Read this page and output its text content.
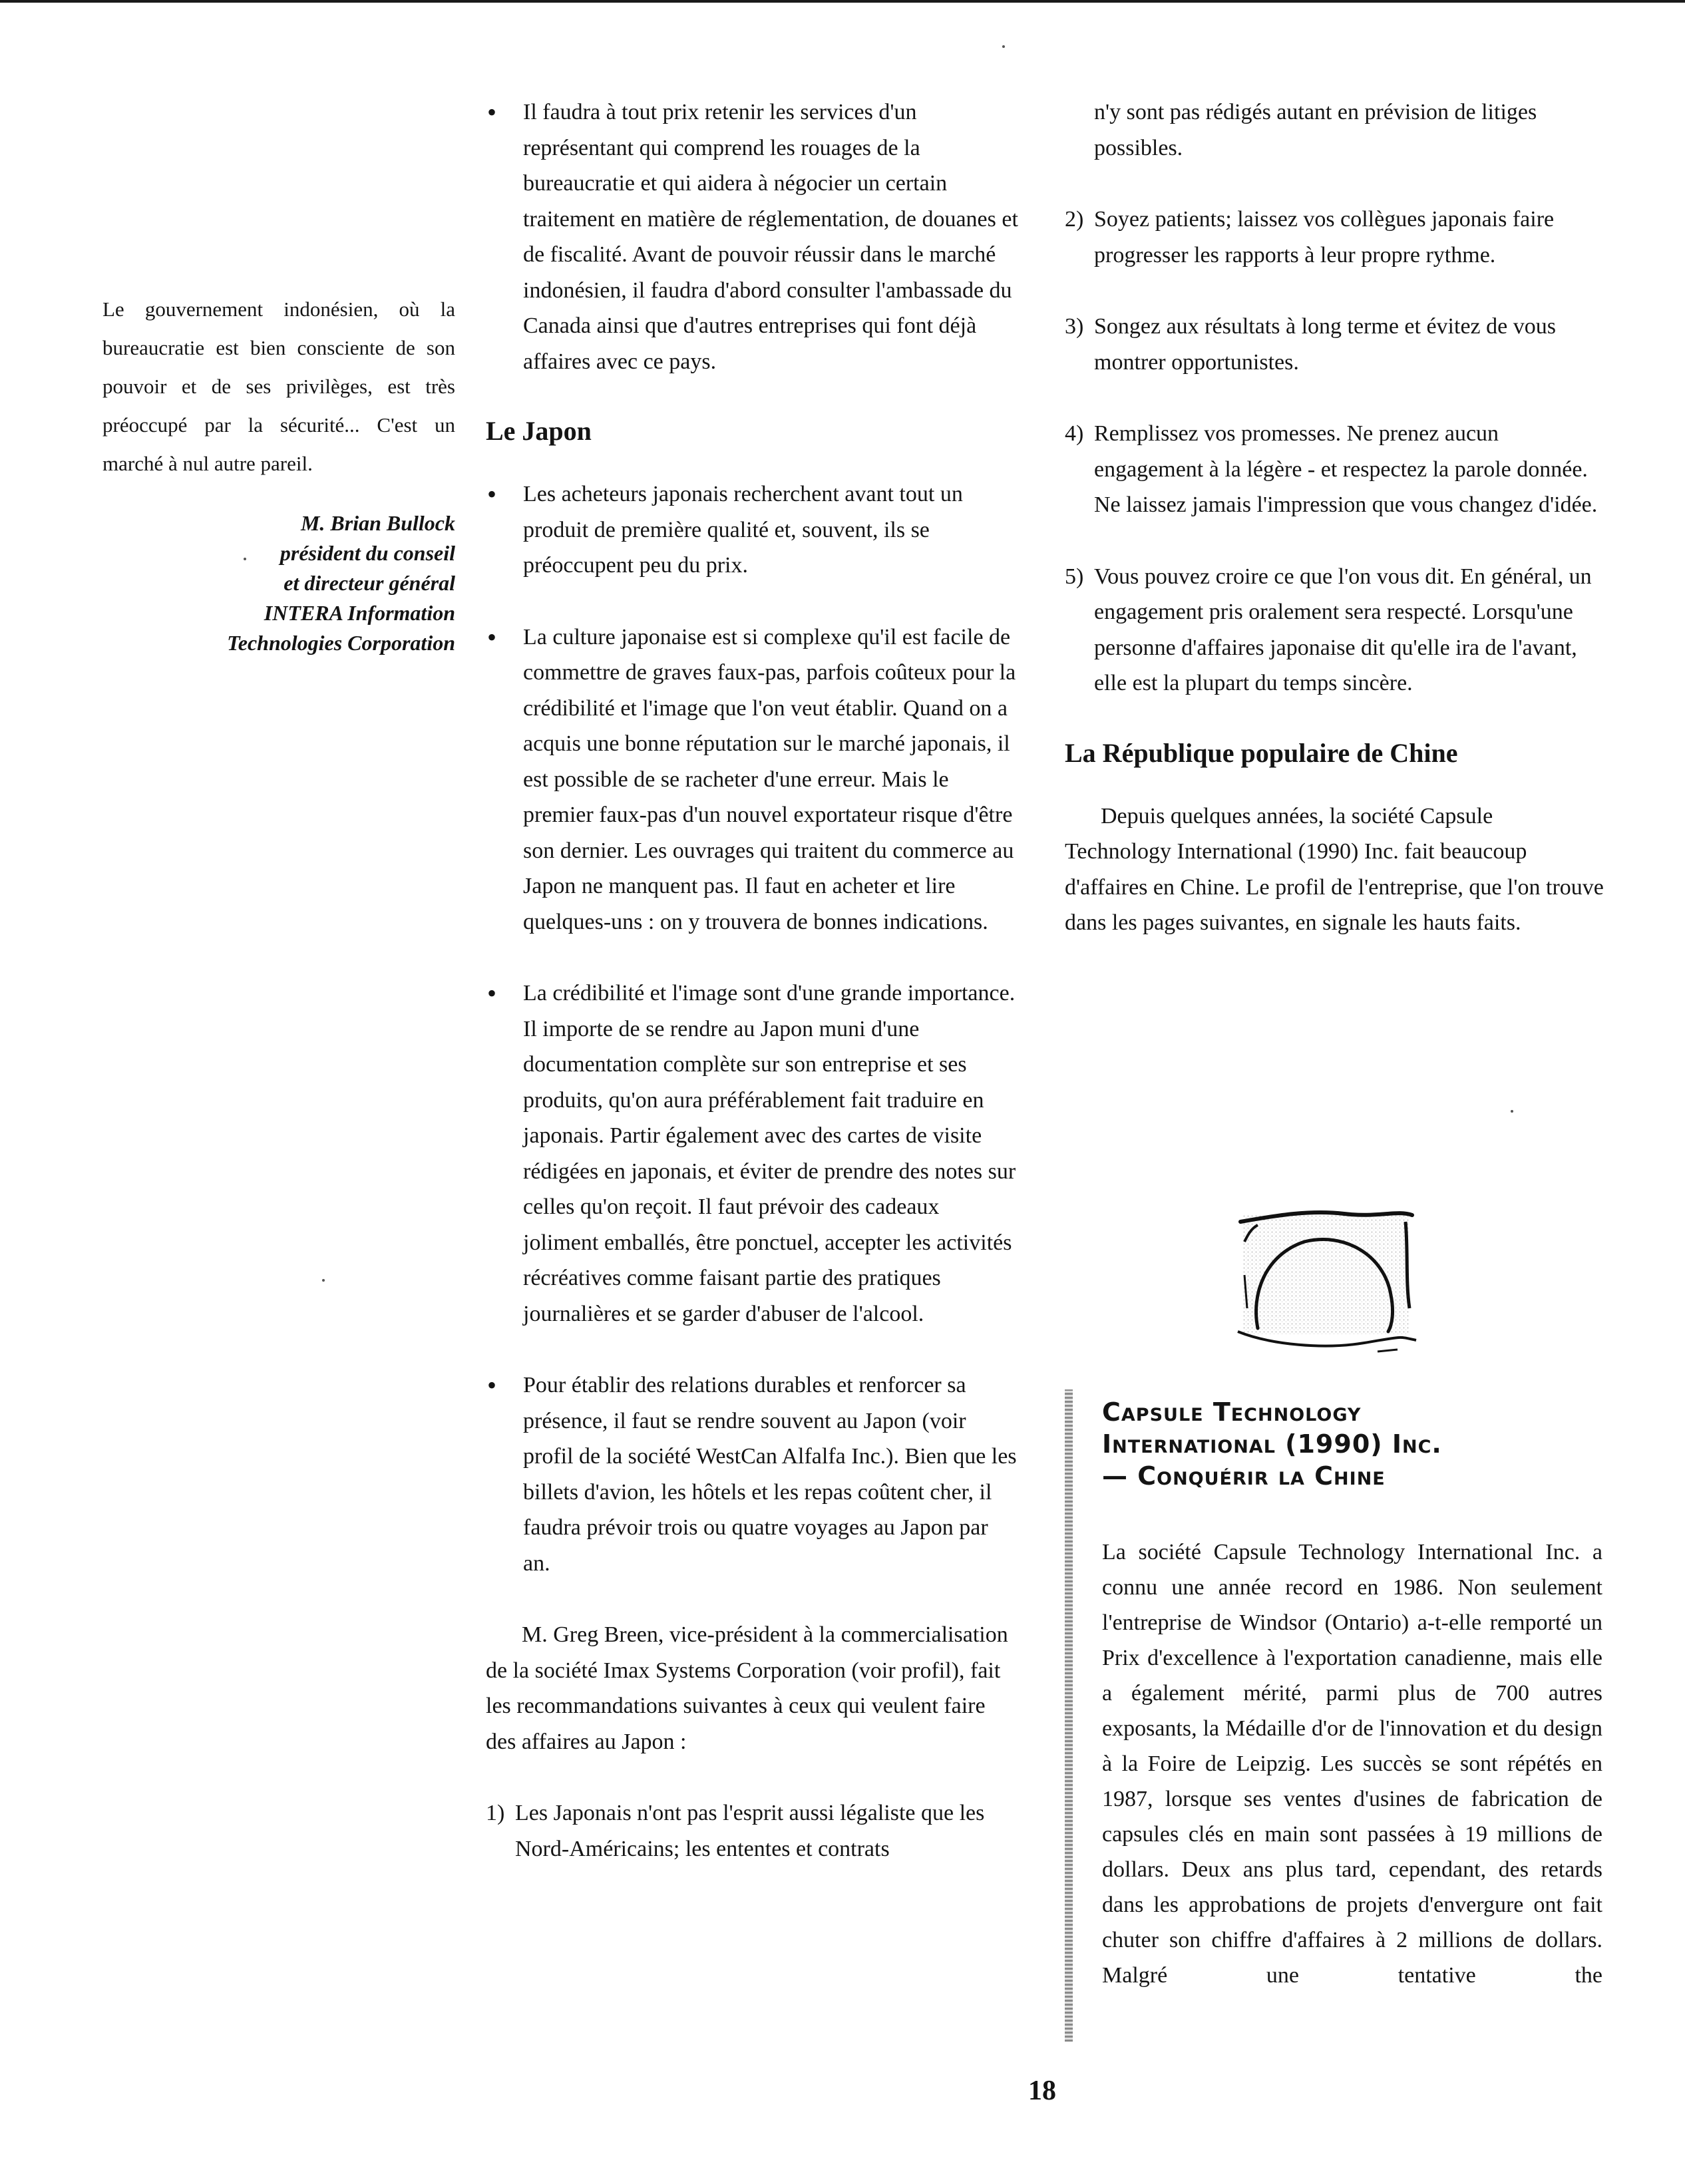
Le gouvernement indonésien, où la bureaucratie est bien consciente de son pouvoir et de ses privilèges, est très préoccupé par la sécurité... C'est un marché à nul autre pareil.

M. Brian Bullock
président du conseil
et directeur général
INTERA Information
Technologies Corporation
• Il faudra à tout prix retenir les services d'un représentant qui comprend les rouages de la bureaucratie et qui aidera à négocier un certain traitement en matière de réglementation, de douanes et de fiscalité. Avant de pouvoir réussir dans le marché indonésien, il faudra d'abord consulter l'ambassade du Canada ainsi que d'autres entreprises qui font déjà affaires avec ce pays.
Le Japon
• Les acheteurs japonais recherchent avant tout un produit de première qualité et, souvent, ils se préoccupent peu du prix.
• La culture japonaise est si complexe qu'il est facile de commettre de graves faux-pas, parfois coûteux pour la crédibilité et l'image que l'on veut établir. Quand on a acquis une bonne réputation sur le marché japonais, il est possible de se racheter d'une erreur. Mais le premier faux-pas d'un nouvel exportateur risque d'être son dernier. Les ouvrages qui traitent du commerce au Japon ne manquent pas. Il faut en acheter et lire quelques-uns : on y trouvera de bonnes indications.
• La crédibilité et l'image sont d'une grande importance. Il importe de se rendre au Japon muni d'une documentation complète sur son entreprise et ses produits, qu'on aura préférablement fait traduire en japonais. Partir également avec des cartes de visite rédigées en japonais, et éviter de prendre des notes sur celles qu'on reçoit. Il faut prévoir des cadeaux joliment emballés, être ponctuel, accepter les activités récréatives comme faisant partie des pratiques journalières et se garder d'abuser de l'alcool.
• Pour établir des relations durables et renforcer sa présence, il faut se rendre souvent au Japon (voir profil de la société WestCan Alfalfa Inc.). Bien que les billets d'avion, les hôtels et les repas coûtent cher, il faudra prévoir trois ou quatre voyages au Japon par an.

M. Greg Breen, vice-président à la commercialisation de la société Imax Systems Corporation (voir profil), fait les recommandations suivantes à ceux qui veulent faire des affaires au Japon :

1) Les Japonais n'ont pas l'esprit aussi légaliste que les Nord-Américains; les ententes et contrats
n'y sont pas rédigés autant en prévision de litiges possibles.
2) Soyez patients; laissez vos collègues japonais faire progresser les rapports à leur propre rythme.
3) Songez aux résultats à long terme et évitez de vous montrer opportunistes.
4) Remplissez vos promesses. Ne prenez aucun engagement à la légère - et respectez la parole donnée. Ne laissez jamais l'impression que vous changez d'idée.
5) Vous pouvez croire ce que l'on vous dit. En général, un engagement pris oralement sera respecté. Lorsqu'une personne d'affaires japonaise dit qu'elle ira de l'avant, elle est la plupart du temps sincère.
La République populaire de Chine

Depuis quelques années, la société Capsule Technology International (1990) Inc. fait beaucoup d'affaires en Chine. Le profil de l'entreprise, que l'on trouve dans les pages suivantes, en signale les hauts faits.

Capsule Technology
International (1990) Inc.
— Conquérir la Chine

La société Capsule Technology International Inc. a connu une année record en 1986. Non seulement l'entreprise de Windsor (Ontario) a-t-elle remporté un Prix d'excellence à l'exportation canadienne, mais elle a également mérité, parmi plus de 700 autres exposants, la Médaille d'or de l'innovation et du design à la Foire de Leipzig. Les succès se sont répétés en 1987, lorsque ses ventes d'usines de fabrication de capsules clés en main sont passées à 19 millions de dollars. Deux ans plus tard, cependant, des retards dans les approbations de projets d'envergure ont fait chuter son chiffre d'affaires à 2 millions de dollars. Malgré une tentative the

18
